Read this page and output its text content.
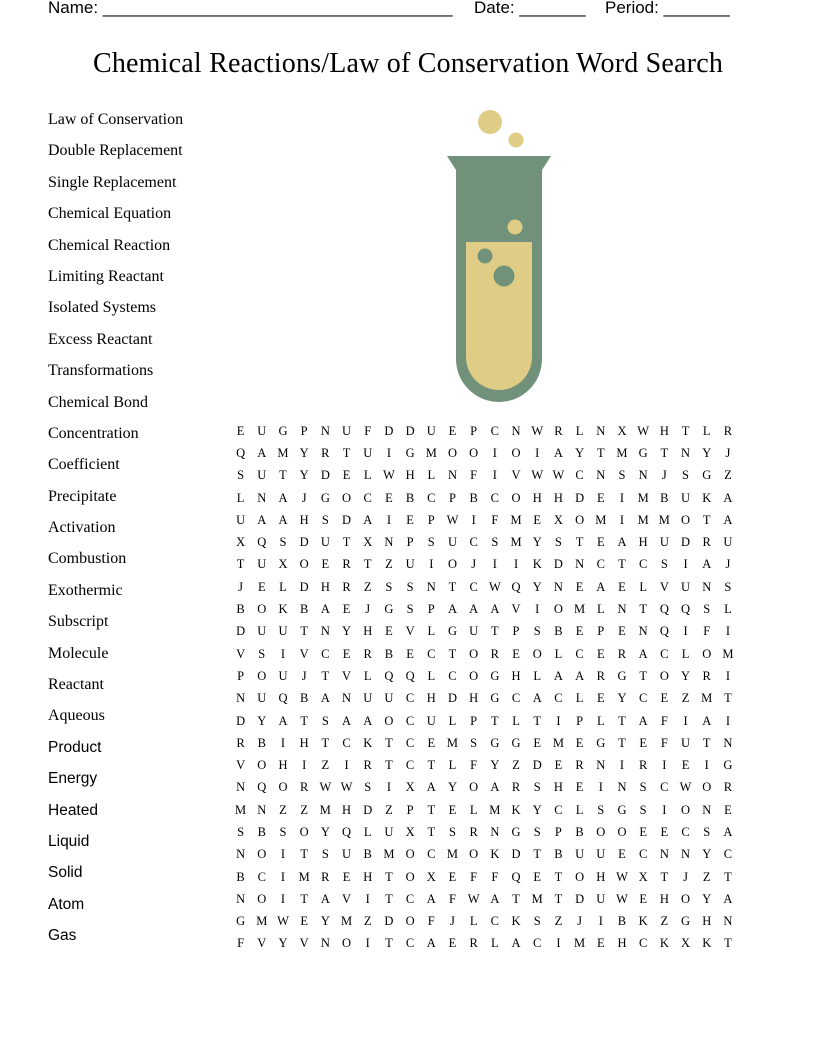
Name: _____________________________________ Date: _______ Period: _______
Chemical Reactions/Law of Conservation Word Search
Law of Conservation
Double Replacement
Single Replacement
Chemical Equation
Chemical Reaction
Limiting Reactant
Isolated Systems
Excess Reactant
Transformations
Chemical Bond
Concentration
Coefficient
Precipitate
Activation
Combustion
Exothermic
Subscript
Molecule
Reactant
Aqueous
Product
Energy
Heated
Liquid
Solid
Atom
Gas
E	U	G	P	N	U	F	D	D	U	E	P	C	N	W	R	L	N	X	W	H	T	L	R
Q	A	M	Y	R	T	U	I	G	M	O	O	I	O	I	A	Y	T	M	G	T	N	Y	J
S	U	T	Y	D	E	L	W	H	L	N	F	I	V	W	W	C	N	S	N	J	S	G	Z
L	N	A	J	G	O	C	E	B	C	P	B	C	O	H	H	D	E	I	M	B	U	K	A
U	A	A	H	S	D	A	I	E	P	W	I	F	M	E	X	O	M	I	M	M	O	T	A
X	Q	S	D	U	T	X	N	P	S	U	C	S	M	Y	S	T	E	A	H	U	D	R	U
T	U	X	O	E	R	T	Z	U	I	O	J	I	I	K	D	N	C	T	C	S	I	A	J
J	E	L	D	H	R	Z	S	S	N	T	C	W	Q	Y	N	E	A	E	L	V	U	N	S
B	O	K	B	A	E	J	G	S	P	A	A	A	V	I	O	M	L	N	T	Q	Q	S	L
D	U	U	T	N	Y	H	E	V	L	G	U	T	P	S	B	E	P	E	N	Q	I	F	I
V	S	I	V	C	E	R	B	E	C	T	O	R	E	O	L	C	E	R	A	C	L	O	M
P	O	U	J	T	V	L	Q	Q	L	C	O	G	H	L	A	A	R	G	T	O	Y	R	I
N	U	Q	B	A	N	U	U	C	H	D	H	G	C	A	C	L	E	Y	C	E	Z	M	T
D	Y	A	T	S	A	A	O	C	U	L	P	T	L	T	I	P	L	T	A	F	I	A	I
R	B	I	H	T	C	K	T	C	E	M	S	G	G	E	M	E	G	T	E	F	U	T	N
V	O	H	I	Z	I	R	T	C	T	L	F	Y	Z	D	E	R	N	I	R	I	E	I	G
N	Q	O	R	W	W	S	I	X	A	Y	O	A	R	S	H	E	I	N	S	C	W	O	R
M	N	Z	Z	M	H	D	Z	P	T	E	L	M	K	Y	C	L	S	G	S	I	O	N	E
S	B	S	O	Y	Q	L	U	X	T	S	R	N	G	S	P	B	O	O	E	E	C	S	A
N	O	I	T	S	U	B	M	O	C	M	O	K	D	T	B	U	U	E	C	N	N	Y	C
B	C	I	M	R	E	H	T	O	X	E	F	F	Q	E	T	O	H	W	X	T	J	Z	T
N	O	I	T	A	V	I	T	C	A	F	W	A	T	M	T	D	U	W	E	H	O	Y	A
G	M	W	E	Y	M	Z	D	O	F	J	L	C	K	S	Z	J	I	B	K	Z	G	H	N
F	V	Y	V	N	O	I	T	C	A	E	R	L	A	C	I	M	E	H	C	K	X	K	T
